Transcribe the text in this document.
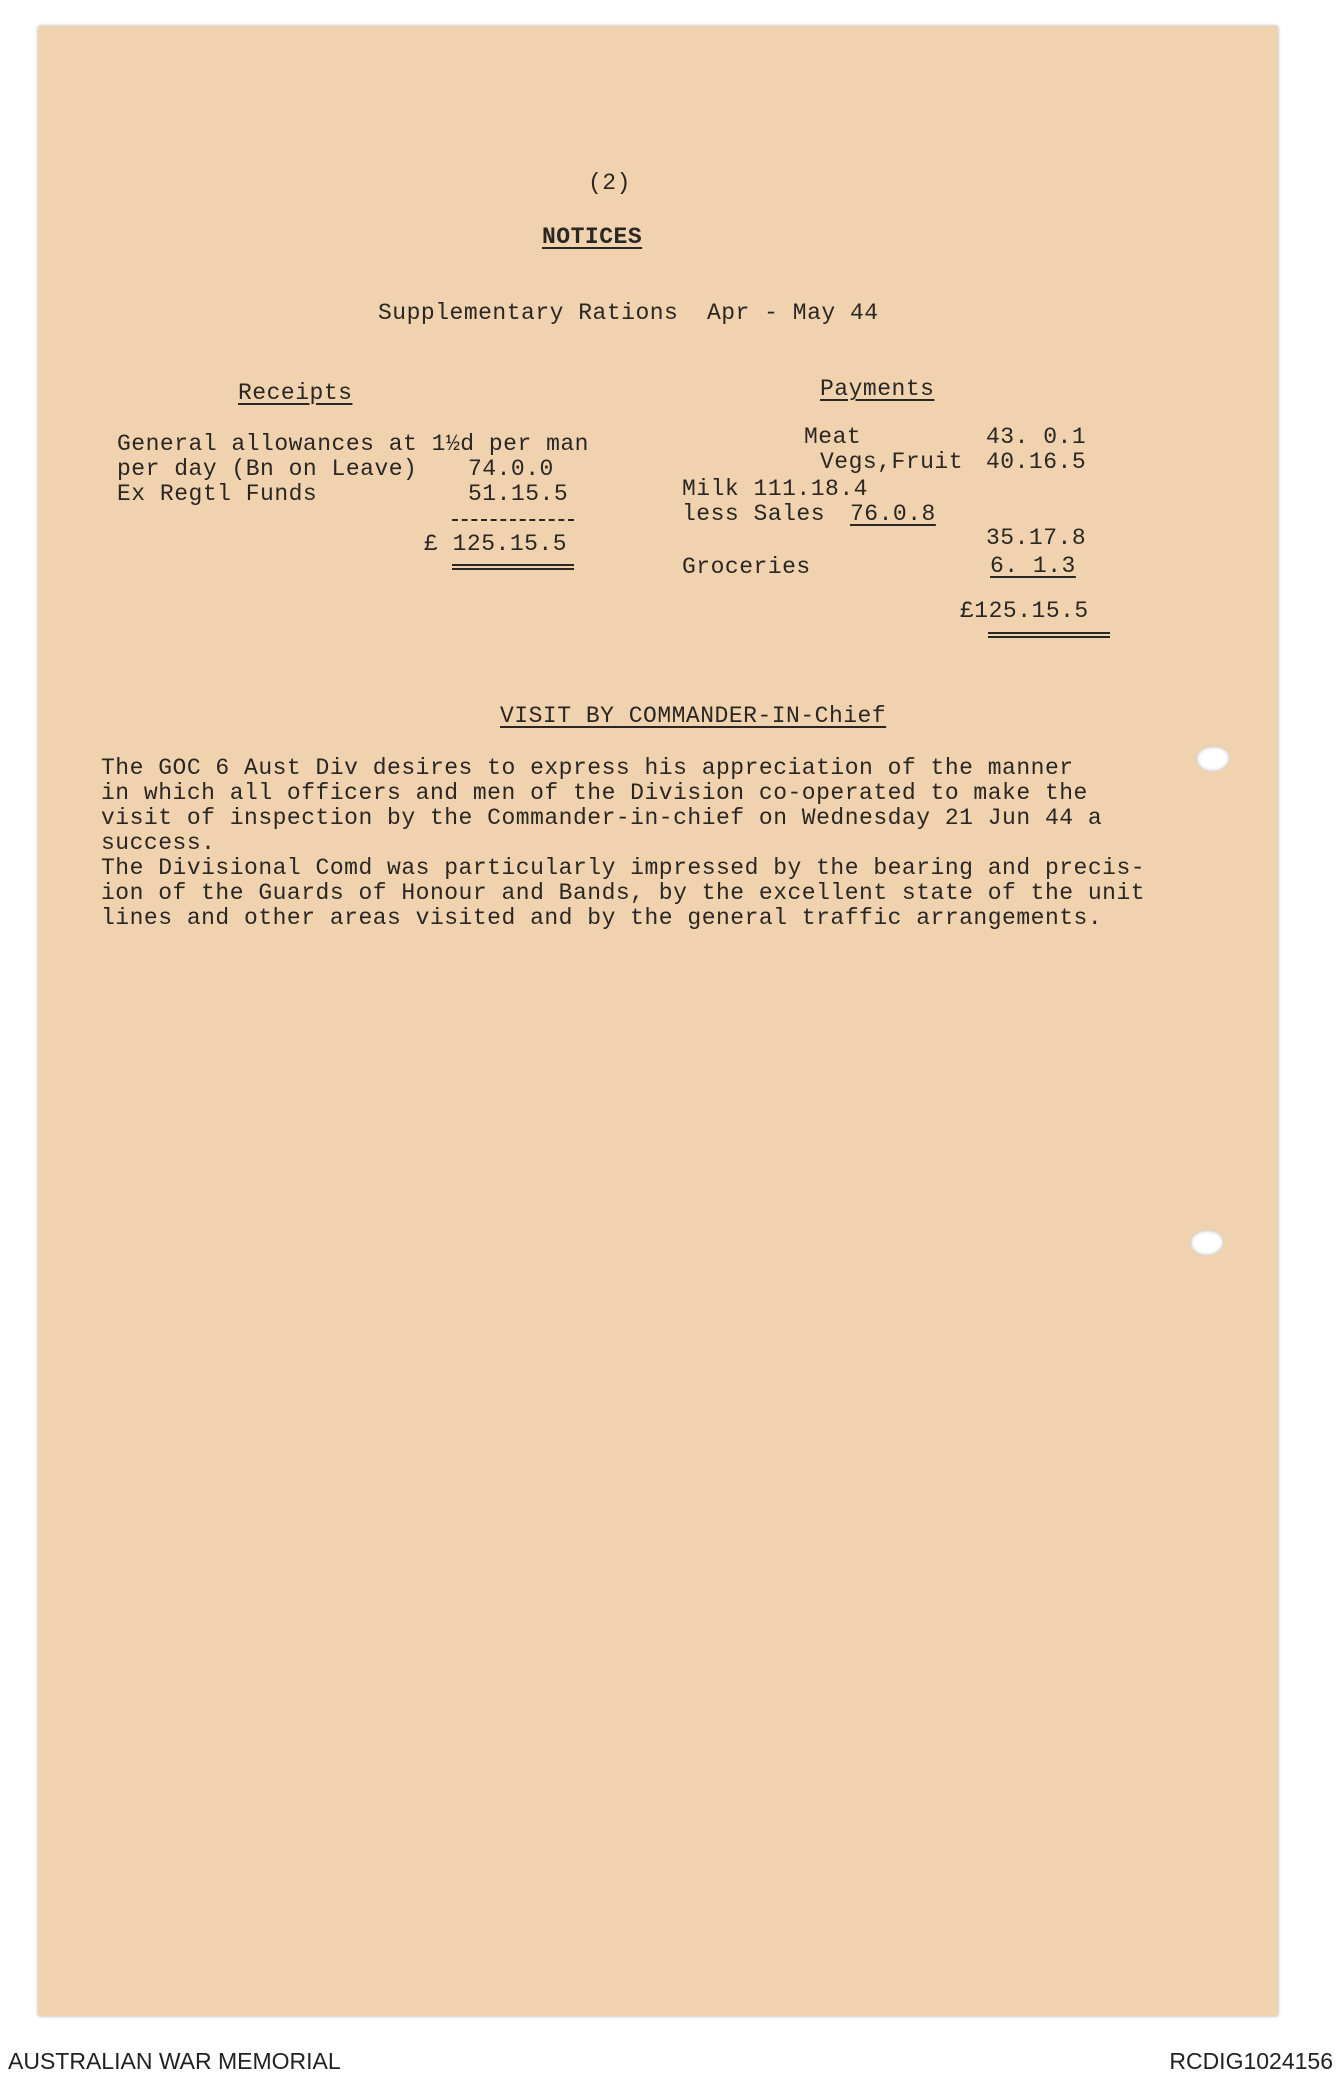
(2)
NOTICES
Supplementary Rations  Apr - May 44
Receipts
General allowances at 1½d per man
per day (Bn on Leave) 74.0.0
Ex Regtl Funds	51.15.5
£ 125.15.5
Payments
Meat	43. 0.1
Vegs,Fruit 40.16.5
Milk 111.18.4
less Sales 76.0.8
35.17.8
Groceries	6. 1.3
£125.15.5
VISIT BY COMMANDER-IN-Chief
The GOC 6 Aust Div desires to express his appreciation of the manner
in which all officers and men of the Division co-operated to make the
visit of inspection by the Commander-in-chief on Wednesday 21 Jun 44 a
success.
The Divisional Comd was particularly impressed by the bearing and precis-
ion of the Guards of Honour and Bands, by the excellent state of the unit
lines and other areas visited and by the general traffic arrangements.
AUSTRALIAN WAR MEMORIAL	RCDIG1024156
